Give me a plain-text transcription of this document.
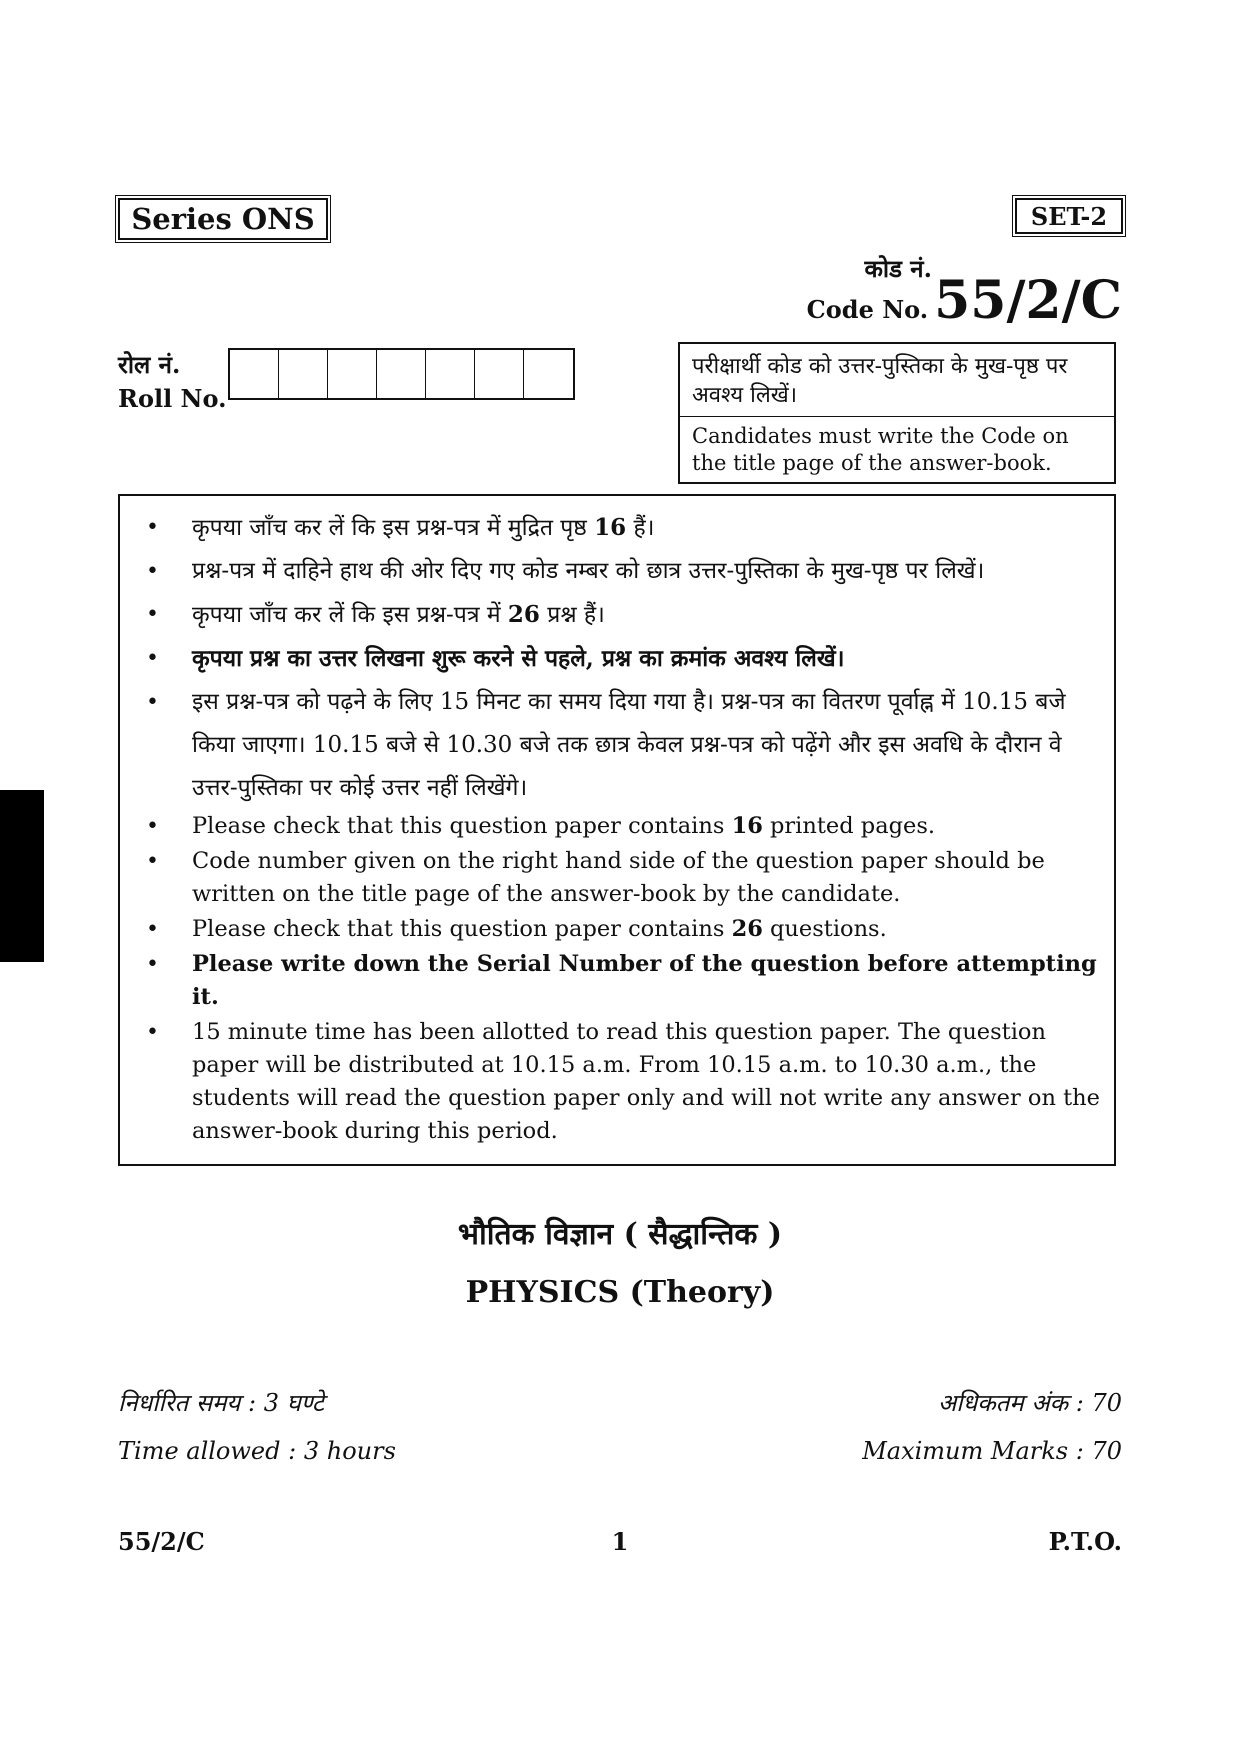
Series ONS	SET-2
कोड नं.
Code No. 55/2/C
रोल नं.
Roll No.
परीक्षार्थी कोड को उत्तर-पुस्तिका के मुख-पृष्ठ पर अवश्य लिखें।
Candidates must write the Code on the title page of the answer-book.
• कृपया जाँच कर लें कि इस प्रश्न-पत्र में मुद्रित पृष्ठ 16 हैं।
• प्रश्न-पत्र में दाहिने हाथ की ओर दिए गए कोड नम्बर को छात्र उत्तर-पुस्तिका के मुख-पृष्ठ पर लिखें।
• कृपया जाँच कर लें कि इस प्रश्न-पत्र में 26 प्रश्न हैं।
• कृपया प्रश्न का उत्तर लिखना शुरू करने से पहले, प्रश्न का क्रमांक अवश्य लिखें।
• इस प्रश्न-पत्र को पढ़ने के लिए 15 मिनट का समय दिया गया है। प्रश्न-पत्र का वितरण पूर्वाह्न में 10.15 बजे किया जाएगा। 10.15 बजे से 10.30 बजे तक छात्र केवल प्रश्न-पत्र को पढ़ेंगे और इस अवधि के दौरान वे उत्तर-पुस्तिका पर कोई उत्तर नहीं लिखेंगे।
• Please check that this question paper contains 16 printed pages.
• Code number given on the right hand side of the question paper should be written on the title page of the answer-book by the candidate.
• Please check that this question paper contains 26 questions.
• Please write down the Serial Number of the question before attempting it.
• 15 minute time has been allotted to read this question paper. The question paper will be distributed at 10.15 a.m. From 10.15 a.m. to 10.30 a.m., the students will read the question paper only and will not write any answer on the answer-book during this period.
भौतिक विज्ञान ( सैद्धान्तिक )
PHYSICS (Theory)
निर्धारित समय : 3 घण्टे
Time allowed : 3 hours
अधिकतम अंक : 70
Maximum Marks : 70
55/2/C	1	P.T.O.
